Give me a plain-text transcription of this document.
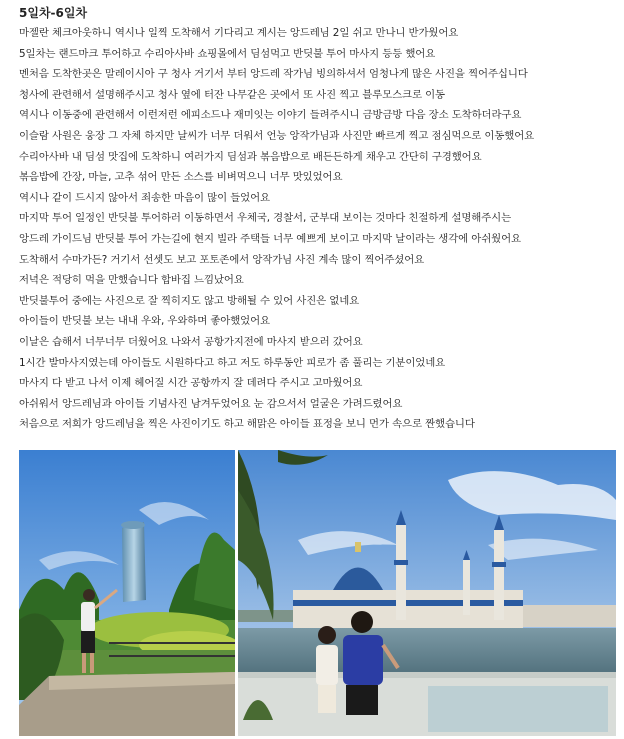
5일차-6일차
마젤란 체크아웃하니 역시나 일찍 도착해서 기다리고 계시는 앙드레님 2일 쉬고 만나니 반가웠어요
5일차는 랜드마크 투어하고 수리아사바 쇼핑몰에서 딤섬먹고 반딧불 투어 마사지 등등 했어요
멘처음 도착한곳은 말레이시아 구 청사 거기서 부터 앙드레 작가님 빙의하셔서 엄청나게 많은 사진을 찍어주십니다
청사에 관련해서 설명해주시고 청사 옆에 터잔 나무같은 곳에서 또 사진 찍고 블루모스크로 이동
역시나 이동중에 관련해서 이런저런 에피소드나 재미잇는 이야기 들려주시니 금방금방 다음 장소 도착하더라구요
이슬람 사원은 웅장 그 자체 하지만 날씨가 너무 더워서 언능 앙작가님과 사진만 빠르게 찍고 점심먹으로 이동했어요
수리아사바 내 딤섬 맛집에 도착하니 여러가지 딤섬과 볶음밥으로 배든든하게 채우고 간단히 구경했어요
볶음밥에 간장, 마늘, 고추 섞어 만든 소스를 비벼먹으니 너무 맛있었어요
역시나 같이 드시지 않아서 죄송한 마음이 많이 들었어요
마지막 투어 일정인 반딧불 투어하러 이동하면서 우체국, 경찰서, 군부대 보이는 것마다 친절하게 설명해주시는
앙드레 가이드님 반딧불 투어 가는길에 현지 빌라 주택들 너무 예쁘게 보이고 마지막 날이라는 생각에 아쉬웠어요
도착해서 수마가든? 거기서 선셋도 보고 포토존에서 앙작가님 사진 계속 많이 찍어주셨어요
저녁은 적당히 먹을 만했습니다 합바집 느낌났어요
반딧불투어 중에는 사진으로 잘 찍히지도 않고 방해될 수 있어 사진은 없네요
아이들이 반딧불 보는 내내 우와, 우와하며 좋아했었어요
이날은 습해서 너무너무 더웠어요 나와서 공항가지전에 마사지 받으러 갔어요
1시간 발마사지였는데 아이들도 시원하다고 하고 저도 하루동안 피로가 좀 풀리는 기분이었네요
마사지 다 받고 나서 이제 헤어질 시간 공항까지 잘 데려다 주시고 고마웠어요
아쉬워서 앙드레님과 아이들 기념사진 남겨두었어요 눈 감으서서 얼굴은 가려드렸어요
처음으로 저희가 앙드레님을 찍은 사진이기도 하고 해맑은 아이들 표정을 보니 먼가 속으로 짠했습니다
